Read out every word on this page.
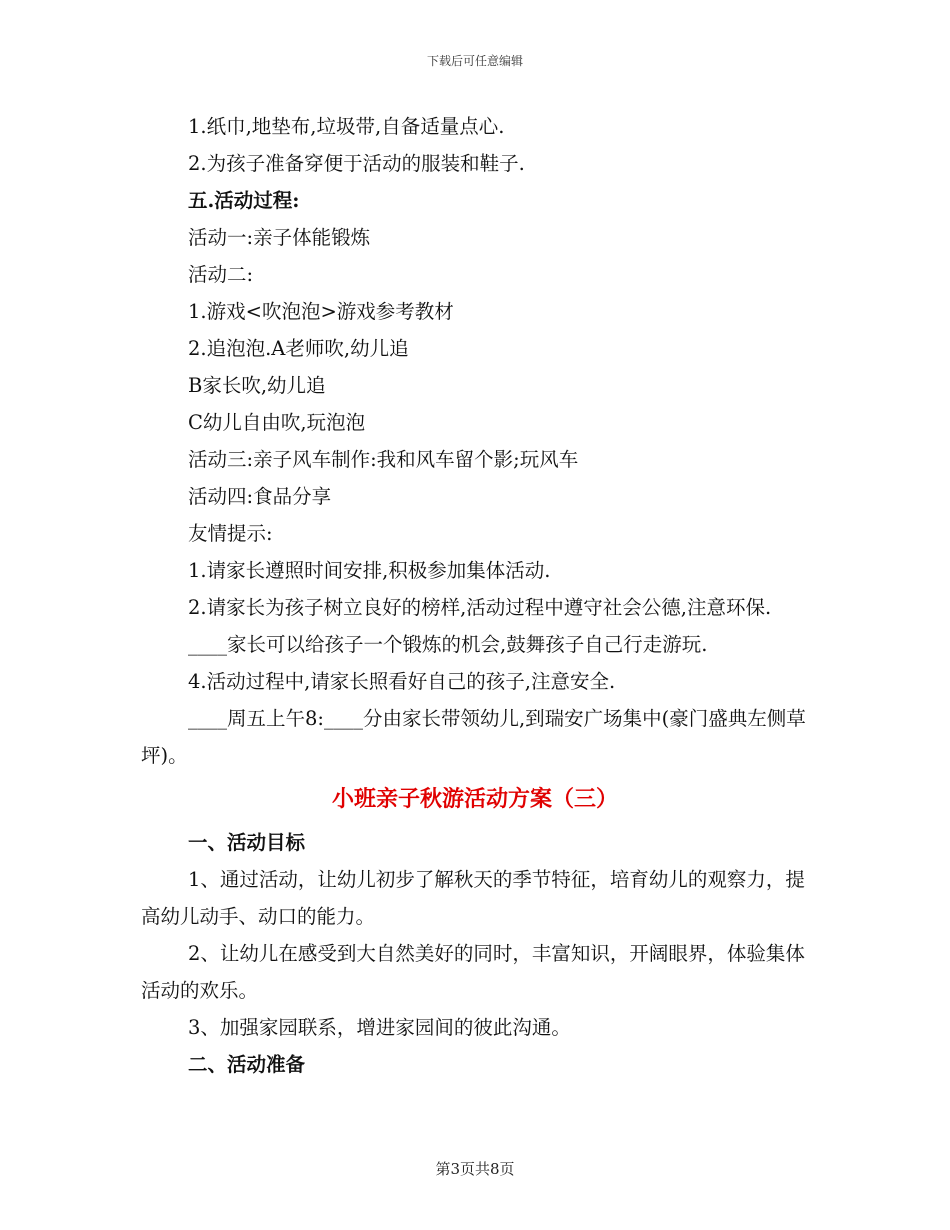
下载后可任意编辑

1.纸巾,地垫布,垃圾带,自备适量点心.

2.为孩子准备穿便于活动的服装和鞋子.

五.活动过程:

活动一:亲子体能锻炼

活动二:

1.游戏<吹泡泡>游戏参考教材

2.追泡泡.A老师吹,幼儿追

B家长吹,幼儿追

C幼儿自由吹,玩泡泡

活动三:亲子风车制作:我和风车留个影;玩风车

活动四:食品分享

友情提示:

1.请家长遵照时间安排,积极参加集体活动.

2.请家长为孩子树立良好的榜样,活动过程中遵守社会公德,注意环保.

____家长可以给孩子一个锻炼的机会,鼓舞孩子自己行走游玩.

4.活动过程中,请家长照看好自己的孩子,注意安全.

____周五上午8:____分由家长带领幼儿,到瑞安广场集中(豪门盛典左侧草坪)。

小班亲子秋游活动方案（三）

一、活动目标

1、通过活动，让幼儿初步了解秋天的季节特征，培育幼儿的观察力，提高幼儿动手、动口的能力。

2、让幼儿在感受到大自然美好的同时，丰富知识，开阔眼界，体验集体活动的欢乐。

3、加强家园联系，增进家园间的彼此沟通。

二、活动准备

第3页共8页
